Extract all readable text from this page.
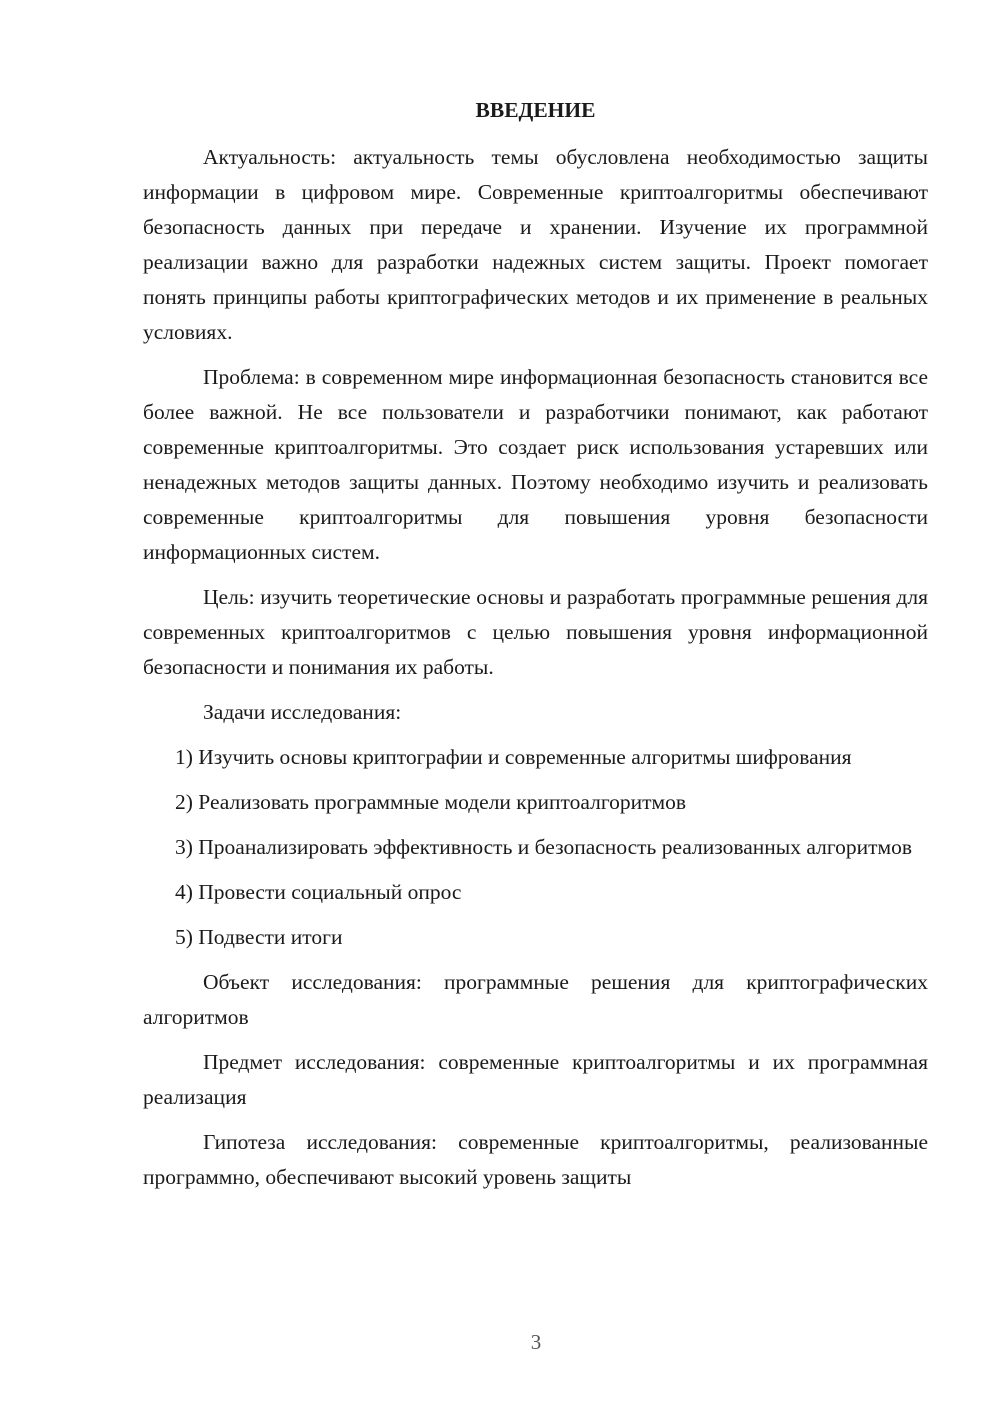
ВВЕДЕНИЕ

Актуальность: актуальность темы обусловлена необходимостью защиты информации в цифровом мире. Современные криптоалгоритмы обеспечивают безопасность данных при передаче и хранении. Изучение их программной реализации важно для разработки надежных систем защиты. Проект помогает понять принципы работы криптографических методов и их применение в реальных условиях.

Проблема: в современном мире информационная безопасность становится все более важной. Не все пользователи и разработчики понимают, как работают современные криптоалгоритмы. Это создает риск использования устаревших или ненадежных методов защиты данных. Поэтому необходимо изучить и реализовать современные криптоалгоритмы для повышения уровня безопасности информационных систем.

Цель: изучить теоретические основы и разработать программные решения для современных криптоалгоритмов с целью повышения уровня информационной безопасности и понимания их работы.

Задачи исследования:

1) Изучить основы криптографии и современные алгоритмы шифрования

2) Реализовать программные модели криптоалгоритмов

3) Проанализировать эффективность и безопасность реализованных алгоритмов

4) Провести социальный опрос

5) Подвести итоги

Объект исследования: программные решения для криптографических алгоритмов

Предмет исследования: современные криптоалгоритмы и их программная реализация

Гипотеза исследования: современные криптоалгоритмы, реализованные программно, обеспечивают высокий уровень защиты

3
